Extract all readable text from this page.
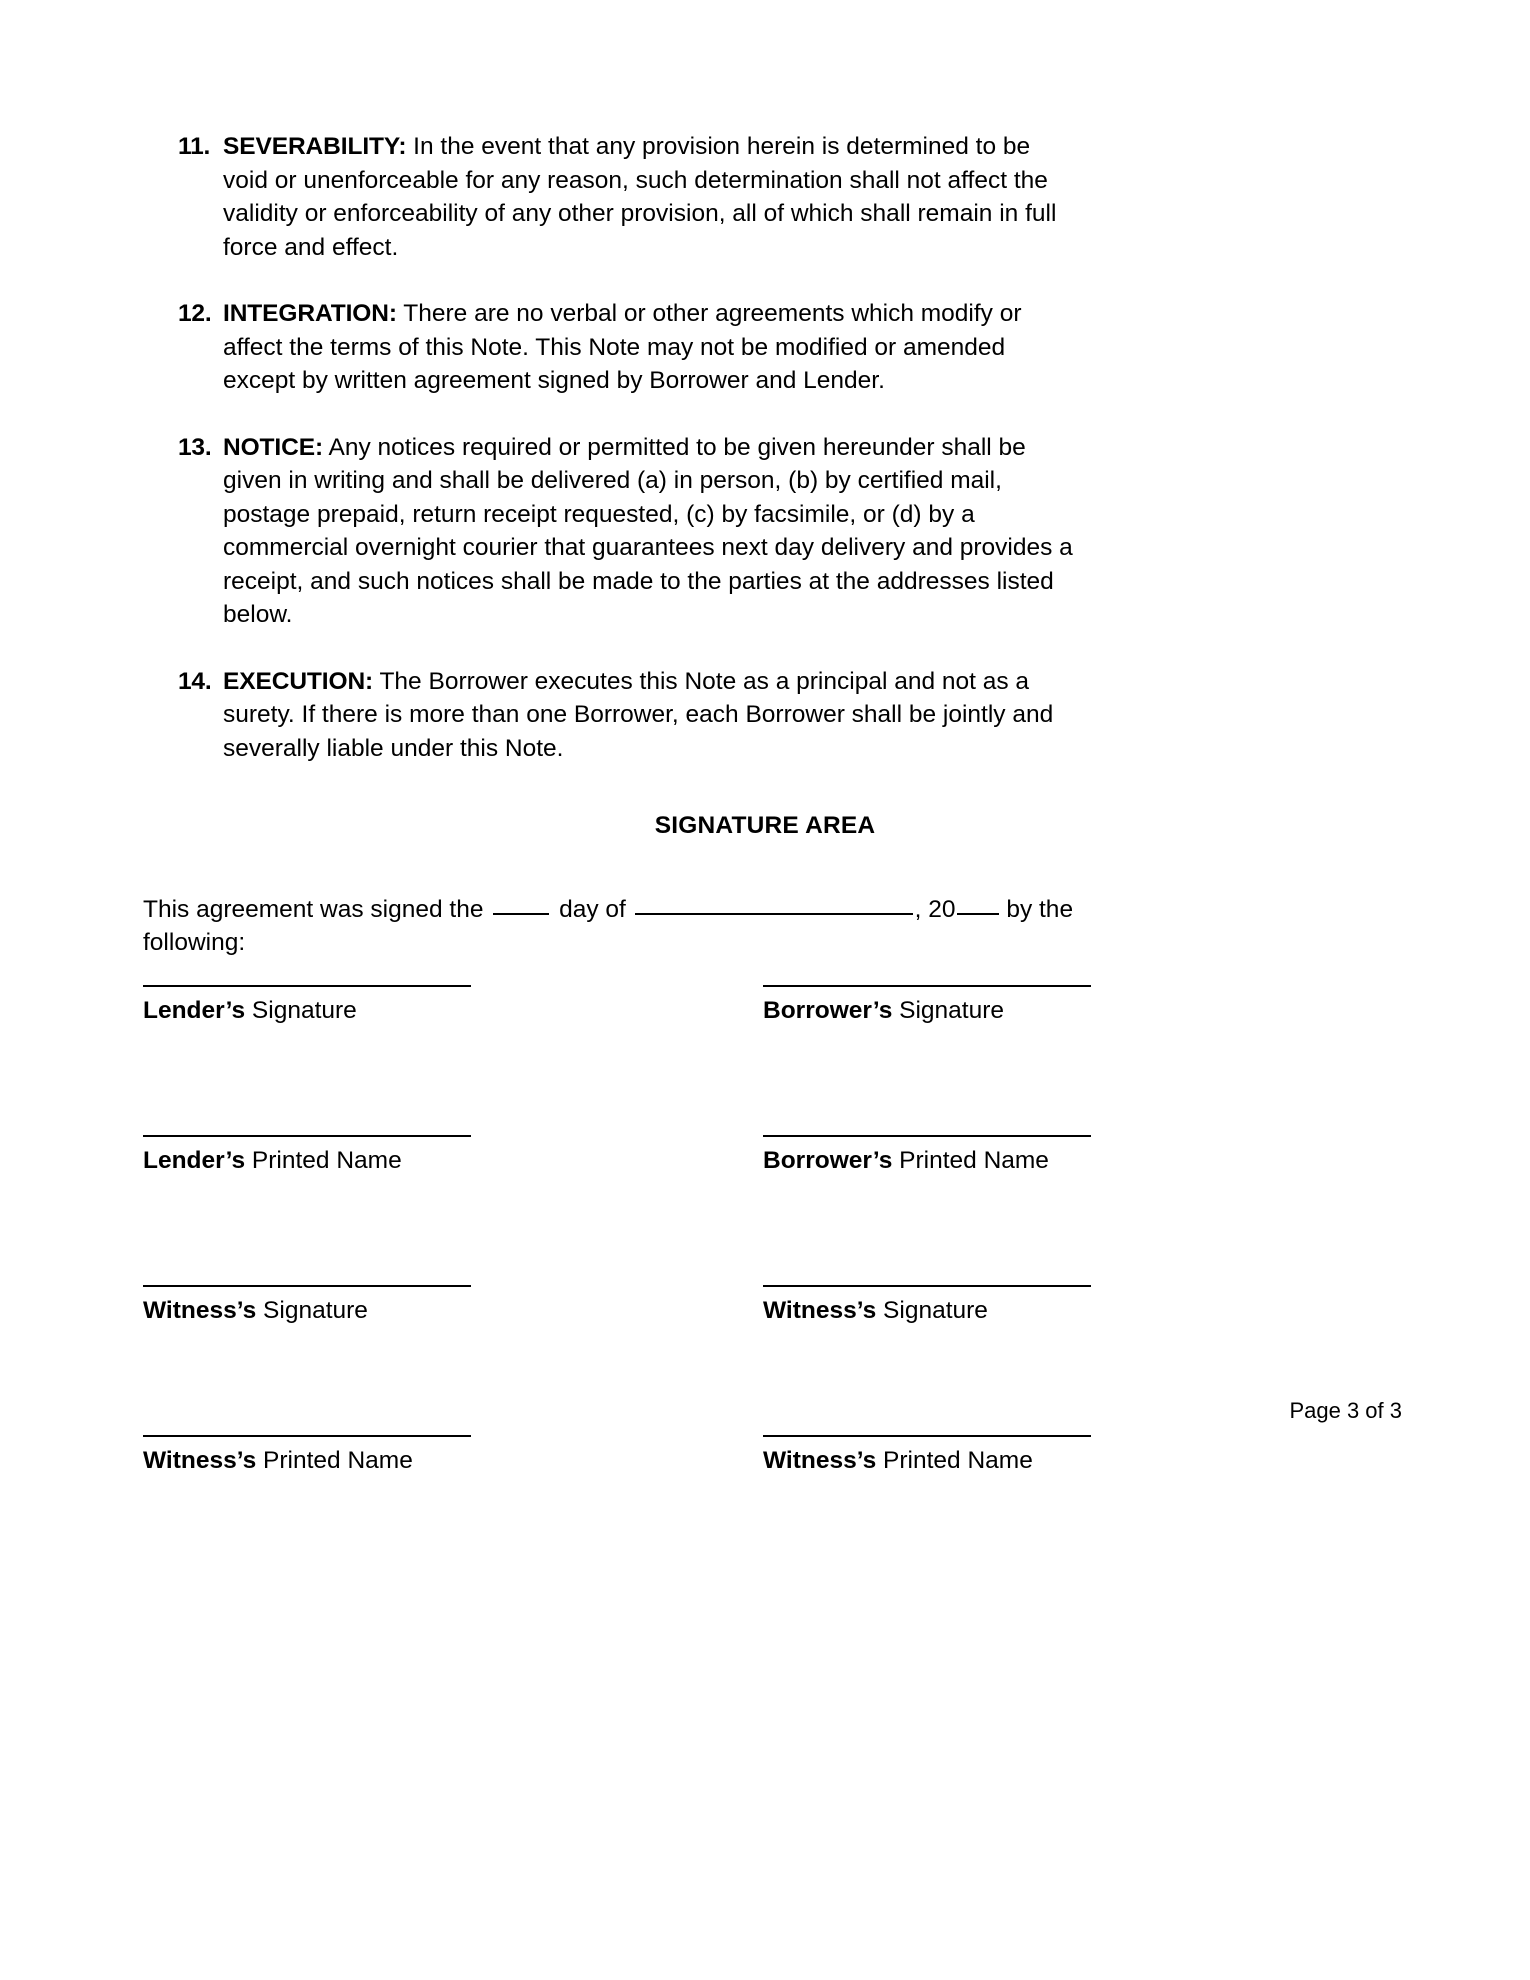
11. SEVERABILITY: In the event that any provision herein is determined to be void or unenforceable for any reason, such determination shall not affect the validity or enforceability of any other provision, all of which shall remain in full force and effect.
12. INTEGRATION: There are no verbal or other agreements which modify or affect the terms of this Note. This Note may not be modified or amended except by written agreement signed by Borrower and Lender.
13. NOTICE: Any notices required or permitted to be given hereunder shall be given in writing and shall be delivered (a) in person, (b) by certified mail, postage prepaid, return receipt requested, (c) by facsimile, or (d) by a commercial overnight courier that guarantees next day delivery and provides a receipt, and such notices shall be made to the parties at the addresses listed below.
14. EXECUTION: The Borrower executes this Note as a principal and not as a surety. If there is more than one Borrower, each Borrower shall be jointly and severally liable under this Note.
SIGNATURE AREA
This agreement was signed the	day of	, 20 by the following:
Lender’s Signature	Borrower’s Signature
Lender’s Printed Name	Borrower’s Printed Name
Witness’s Signature	Witness’s Signature
Witness’s Printed Name	Witness’s Printed Name
Page 3 of 3
